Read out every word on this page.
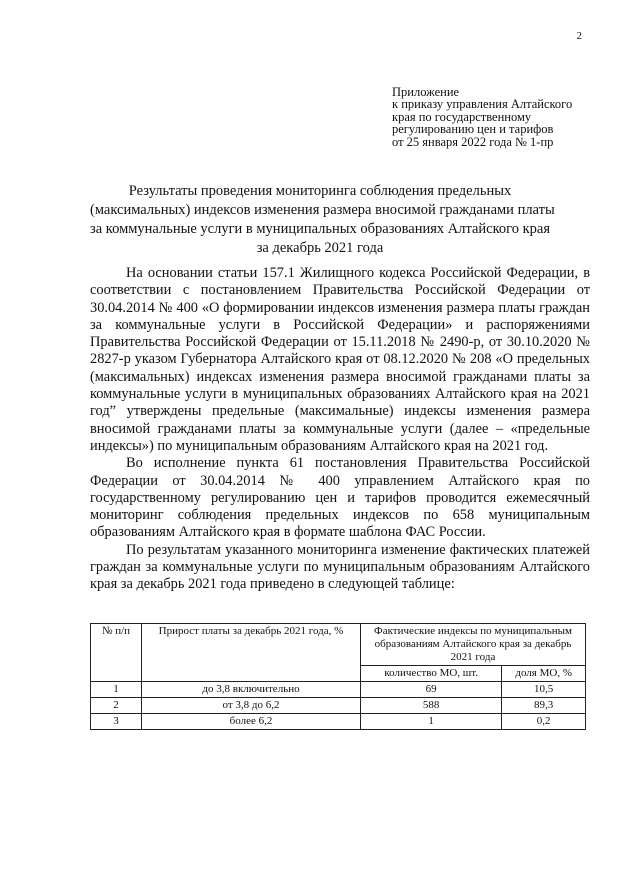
2
Приложение
к приказу управления Алтайского
края по государственному
регулированию цен и тарифов
от 25 января 2022 года № 1-пр
Результаты проведения мониторинга соблюдения предельных
(максимальных) индексов изменения размера вносимой гражданами платы
за коммунальные услуги в муниципальных образованиях Алтайского края
за декабрь 2021 года

На основании статьи 157.1 Жилищного кодекса Российской Федерации, в соответствии с постановлением Правительства Российской Федерации от 30.04.2014 № 400 «О формировании индексов изменения размера платы граждан за коммунальные услуги в Российской Федерации» и распоряжениями Правительства Российской Федерации от 15.11.2018 № 2490-р, от 30.10.2020 № 2827-р указом Губернатора Алтайского края от 08.12.2020 № 208 «О предельных (максимальных) индексах изменения размера вносимой гражданами платы за коммунальные услуги в муниципальных образованиях Алтайского края на 2021 год” утверждены предельные (максимальные) индексы изменения размера вносимой гражданами платы за коммунальные услуги (далее – «предельные индексы») по муниципальным образованиям Алтайского края на 2021 год.

Во исполнение пункта 61 постановления Правительства Российской Федерации от 30.04.2014 № 400 управлением Алтайского края по государственному регулированию цен и тарифов проводится ежемесячный мониторинг соблюдения предельных индексов по 658 муниципальным образованиям Алтайского края в формате шаблона ФАС России.

По результатам указанного мониторинга изменение фактических платежей граждан за коммунальные услуги по муниципальным образованиям Алтайского края за декабрь 2021 года приведено в следующей таблице:

№ п/п	Прирост платы за декабрь 2021 года, %	Фактические индексы по муниципальным образованиям Алтайского края за декабрь 2021 года	
		количество МО, шт.	доля МО, %
1	до 3,8 включительно	69	10,5
2	от 3,8 до 6,2	588	89,3
3	более 6,2	1	0,2
